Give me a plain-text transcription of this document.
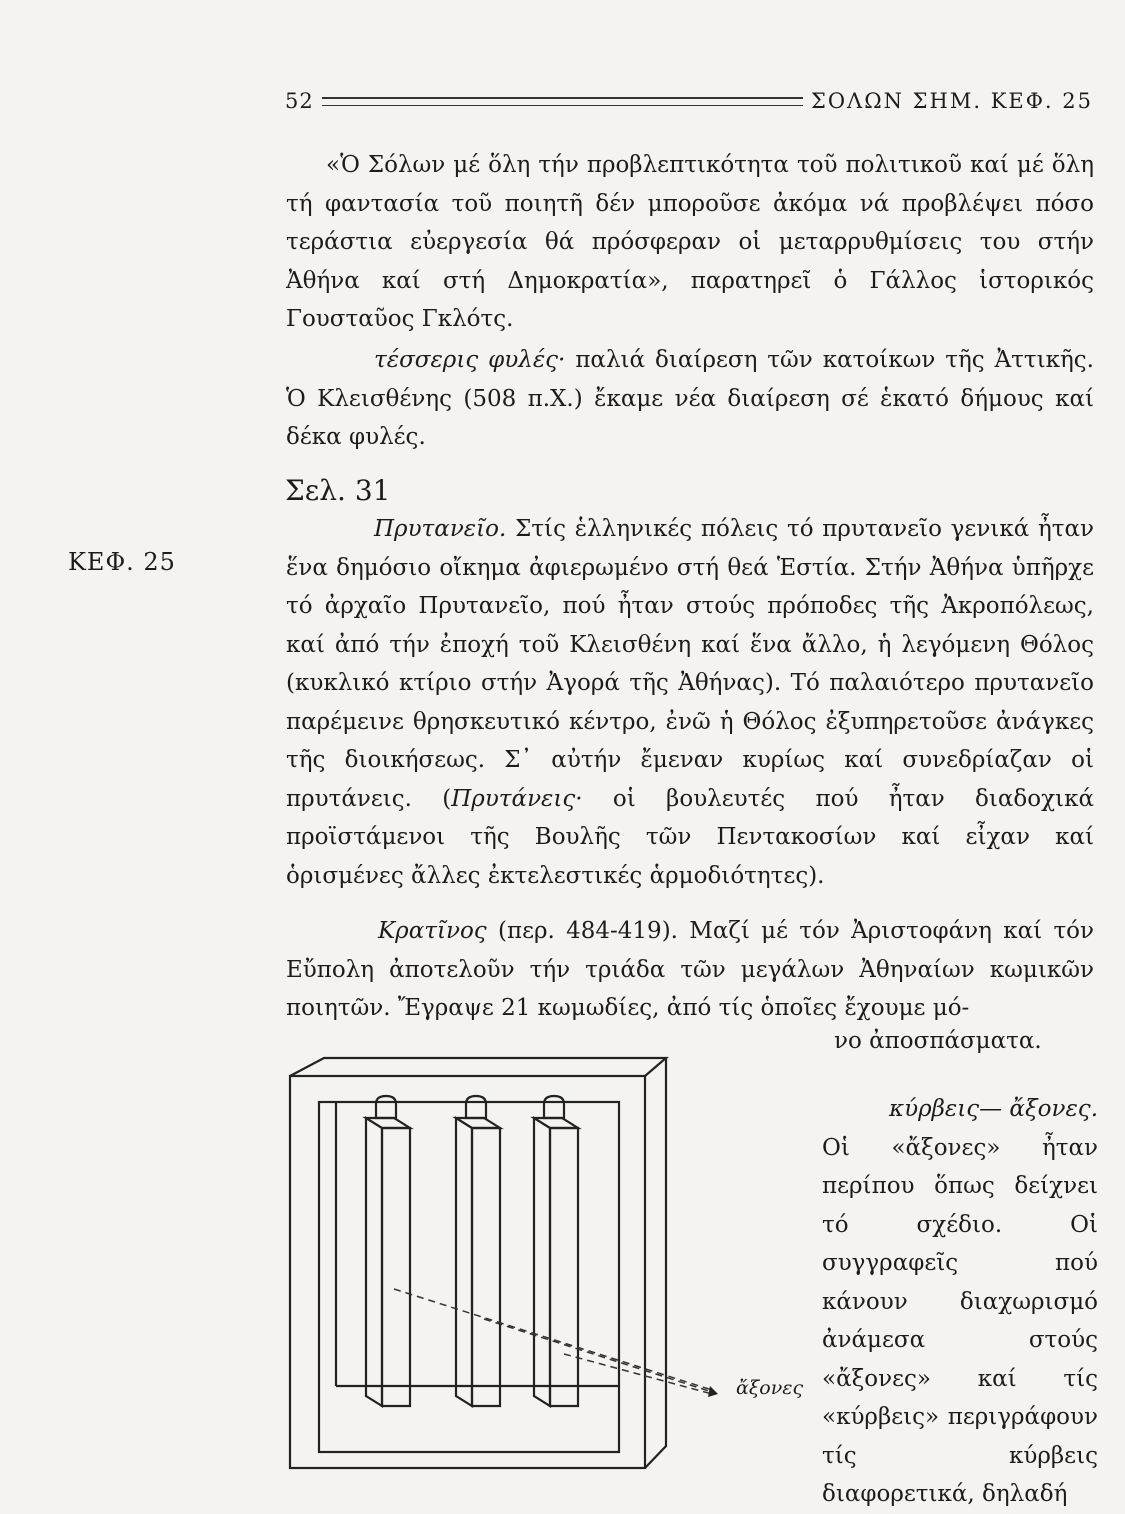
52	ΣΟΛΩΝ ΣΗΜ. ΚΕΦ. 25
ΚΕΦ. 25
«Ὁ Σόλων μέ ὅλη τήν προβλεπτικότητα τοῦ πολιτικοῦ καί μέ ὅλη τή φαντασία τοῦ ποιητῆ δέν μποροῦσε ἀκόμα νά προβλέψει πόσο τεράστια εὐεργεσία θά πρόσφεραν οἱ μεταρρυθμίσεις του στήν Ἀθήνα καί στή Δημοκρατία», παρατηρεῖ ὁ Γάλλος ἱστορικός Γουσταῦος Γκλότς.
τέσσερις φυλές· παλιά διαίρεση τῶν κατοίκων τῆς Ἀττικῆς. Ὁ Κλεισθένης (508 π.Χ.) ἔκαμε νέα διαίρεση σέ ἑκατό δήμους καί δέκα φυλές.
Σελ. 31
Πρυτανεῖο. Στίς ἑλληνικές πόλεις τό πρυτανεῖο γενικά ἦταν ἕνα δημόσιο οἴκημα ἀφιερωμένο στή θεά Ἑστία. Στήν Ἀθήνα ὑπῆρχε τό ἀρχαῖο Πρυτανεῖο, πού ἦταν στούς πρόποδες τῆς Ἀκροπόλεως, καί ἀπό τήν ἐποχή τοῦ Κλεισθένη καί ἕνα ἄλλο, ἡ λεγόμενη Θόλος (κυκλικό κτίριο στήν Ἀγορά τῆς Ἀθήνας). Τό παλαιότερο πρυτανεῖο παρέμεινε θρησκευτικό κέντρο, ἐνῶ ἡ Θόλος ἐξυπηρετοῦσε ἀνάγκες τῆς διοικήσεως. Σ᾽ αὐτήν ἔμεναν κυρίως καί συνεδρίαζαν οἱ πρυτάνεις. (Πρυτάνεις· οἱ βουλευτές πού ἦταν διαδοχικά προϊστάμενοι τῆς Βουλῆς τῶν Πεντακοσίων καί εἶχαν καί ὁρισμένες ἄλλες ἐκτελεστικές ἁρμοδιότητες).
Κρατῖνος (περ. 484-419). Μαζί μέ τόν Ἀριστοφάνη καί τόν Εὔπολη ἀποτελοῦν τήν τριάδα τῶν μεγάλων Ἀθηναίων κωμικῶν ποιητῶν. Ἔγραψε 21 κωμωδίες, ἀπό τίς ὁποῖες ἔχουμε μό-
νο ἀποσπάσματα.
κύρβεις— ἄξονες.
Οἱ «ἄξονες» ἦταν περίπου ὅπως δείχνει τό σχέδιο. Οἱ συγγραφεῖς πού κάνουν διαχωρισμό ἀνάμεσα στούς «ἄξονες» καί τίς «κύρβεις» περιγράφουν τίς κύρβεις διαφορετικά, δηλαδή
ἄξονες
